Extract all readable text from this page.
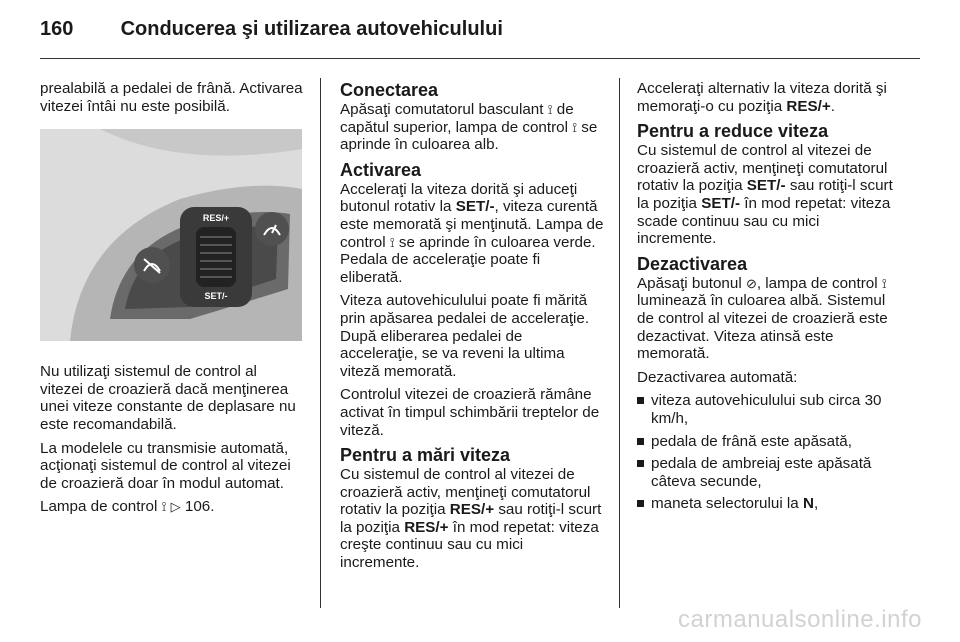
160 Conducerea şi utilizarea autovehiculului

prealabilă a pedalei de frână. Activarea vitezei întâi nu este posibilă.

RES/+
SET/-

Nu utilizaţi sistemul de control al vitezei de croazieră dacă menţinerea unei viteze constante de deplasare nu este recomandabilă.

La modelele cu transmisie automată, acţionaţi sistemul de control al vitezei de croazieră doar în modul automat.

Lampa de control ⟟ ▷ 106.

Conectarea

Apăsaţi comutatorul basculant ⟟ de capătul superior, lampa de control ⟟ se aprinde în culoarea alb.

Activarea

Acceleraţi la viteza dorită şi aduceţi butonul rotativ la SET/-, viteza curentă este memorată şi menţinută. Lampa de control ⟟ se aprinde în culoarea verde. Pedala de acceleraţie poate fi eliberată.

Viteza autovehiculului poate fi mărită prin apăsarea pedalei de acceleraţie. După eliberarea pedalei de acceleraţie, se va reveni la ultima viteză memorată.

Controlul vitezei de croazieră rămâne activat în timpul schimbării treptelor de viteză.

Pentru a mări viteza

Cu sistemul de control al vitezei de croazieră activ, menţineţi comutatorul rotativ la poziţia RES/+ sau rotiţi-l scurt la poziţia RES/+ în mod repetat: viteza creşte continuu sau cu mici incremente.

Acceleraţi alternativ la viteza dorită şi memoraţi-o cu poziţia RES/+.

Pentru a reduce viteza

Cu sistemul de control al vitezei de croazieră activ, menţineţi comutatorul rotativ la poziţia SET/- sau rotiţi-l scurt la poziţia SET/- în mod repetat: viteza scade continuu sau cu mici incremente.

Dezactivarea

Apăsaţi butonul ⊘, lampa de control ⟟ luminează în culoarea albă. Sistemul de control al vitezei de croazieră este dezactivat. Viteza atinsă este memorată.

Dezactivarea automată:

viteza autovehiculului sub circa 30 km/h,
pedala de frână este apăsată,
pedala de ambreiaj este apăsată câteva secunde,
maneta selectorului la N,
carmanualsonline.info
